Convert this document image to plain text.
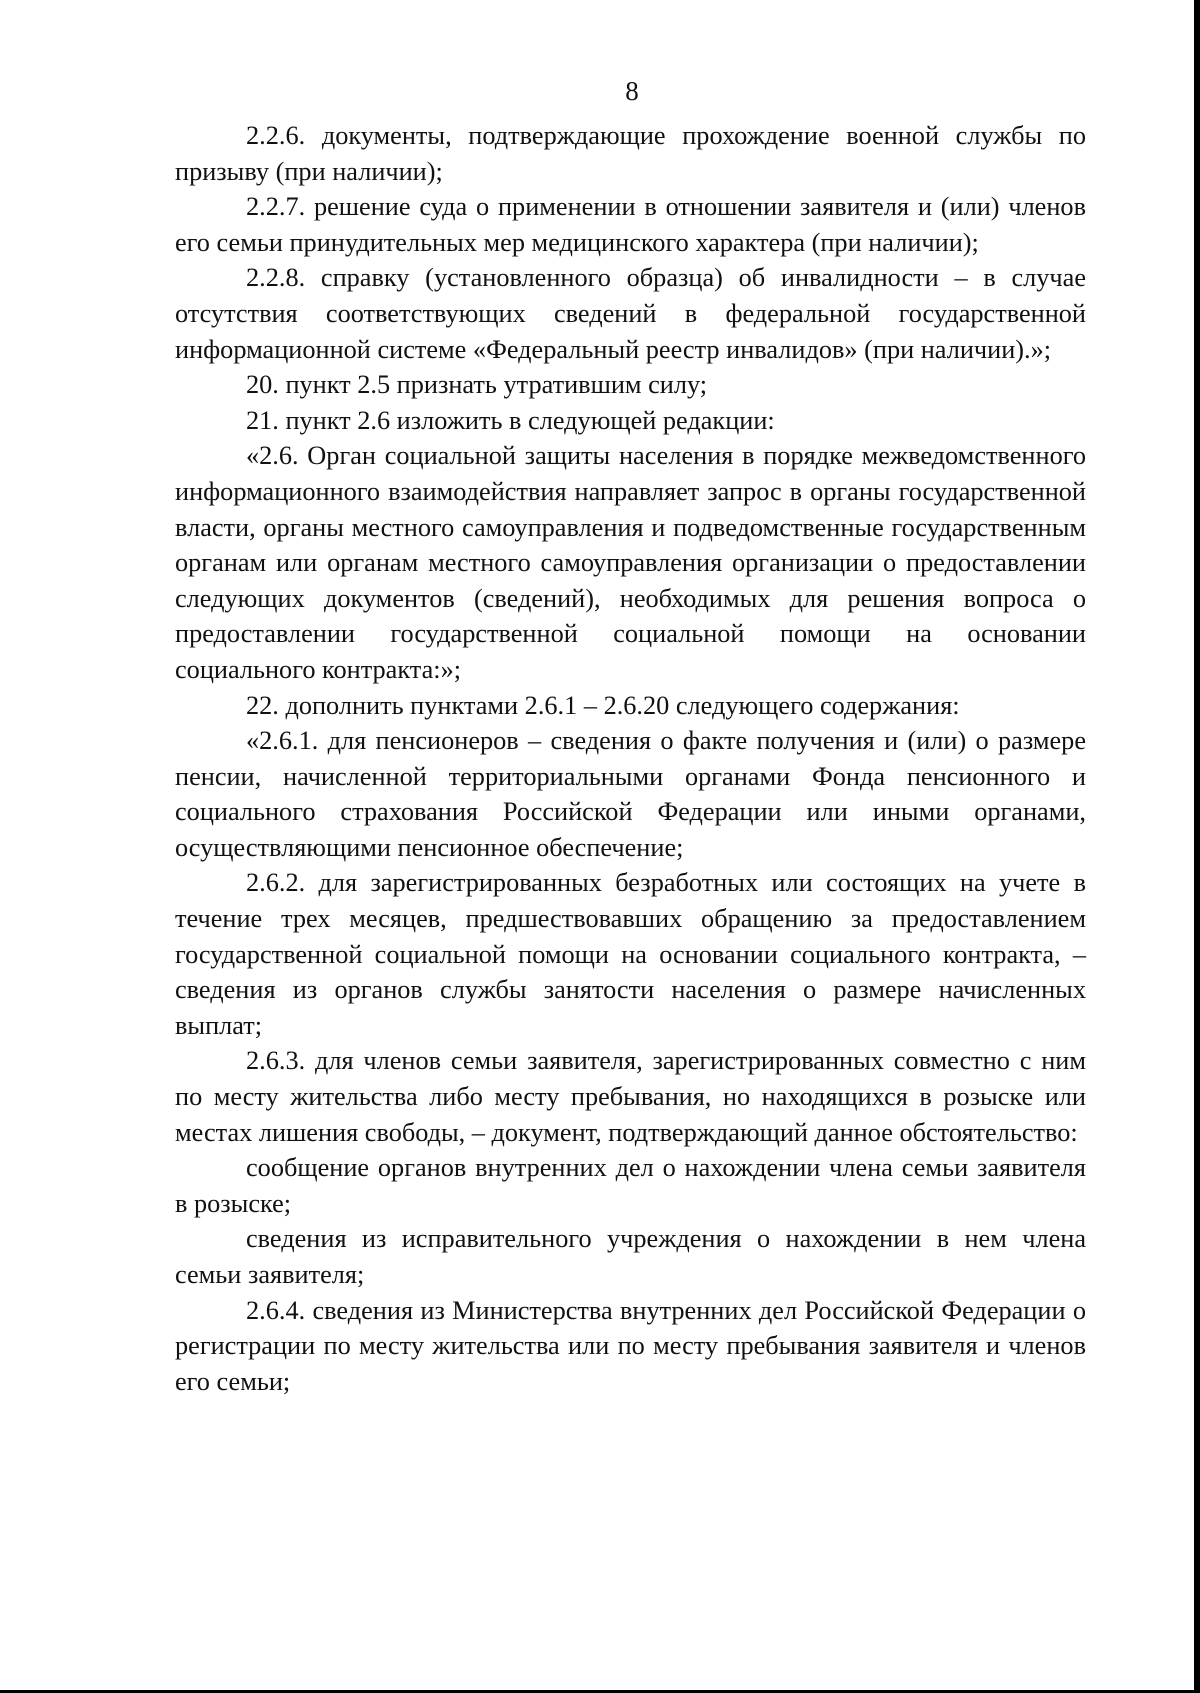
8

2.2.6. документы, подтверждающие прохождение военной службы по призыву (при наличии);

2.2.7. решение суда о применении в отношении заявителя и (или) членов его семьи принудительных мер медицинского характера (при наличии);

2.2.8. справку (установленного образца) об инвалидности – в случае отсутствия соответствующих сведений в федеральной государственной информационной системе «Федеральный реестр инвалидов» (при наличии).»;

20. пункт 2.5 признать утратившим силу;

21. пункт 2.6 изложить в следующей редакции:

«2.6. Орган социальной защиты населения в порядке межведомственного информационного взаимодействия направляет запрос в органы государственной власти, органы местного самоуправления и подведомственные государственным органам или органам местного самоуправления организации о предоставлении следующих документов (сведений), необходимых для решения вопроса о предоставлении государственной социальной помощи на основании социального контракта:»;

22. дополнить пунктами 2.6.1 – 2.6.20 следующего содержания:

«2.6.1. для пенсионеров – сведения о факте получения и (или) о размере пенсии, начисленной территориальными органами Фонда пенсионного и социального страхования Российской Федерации или иными органами, осуществляющими пенсионное обеспечение;

2.6.2. для зарегистрированных безработных или состоящих на учете в течение трех месяцев, предшествовавших обращению за предоставлением государственной социальной помощи на основании социального контракта, – сведения из органов службы занятости населения о размере начисленных выплат;

2.6.3. для членов семьи заявителя, зарегистрированных совместно с ним по месту жительства либо месту пребывания, но находящихся в розыске или местах лишения свободы, – документ, подтверждающий данное обстоятельство:

сообщение органов внутренних дел о нахождении члена семьи заявителя в розыске;

сведения из исправительного учреждения о нахождении в нем члена семьи заявителя;

2.6.4. сведения из Министерства внутренних дел Российской Федерации о регистрации по месту жительства или по месту пребывания заявителя и членов его семьи;
